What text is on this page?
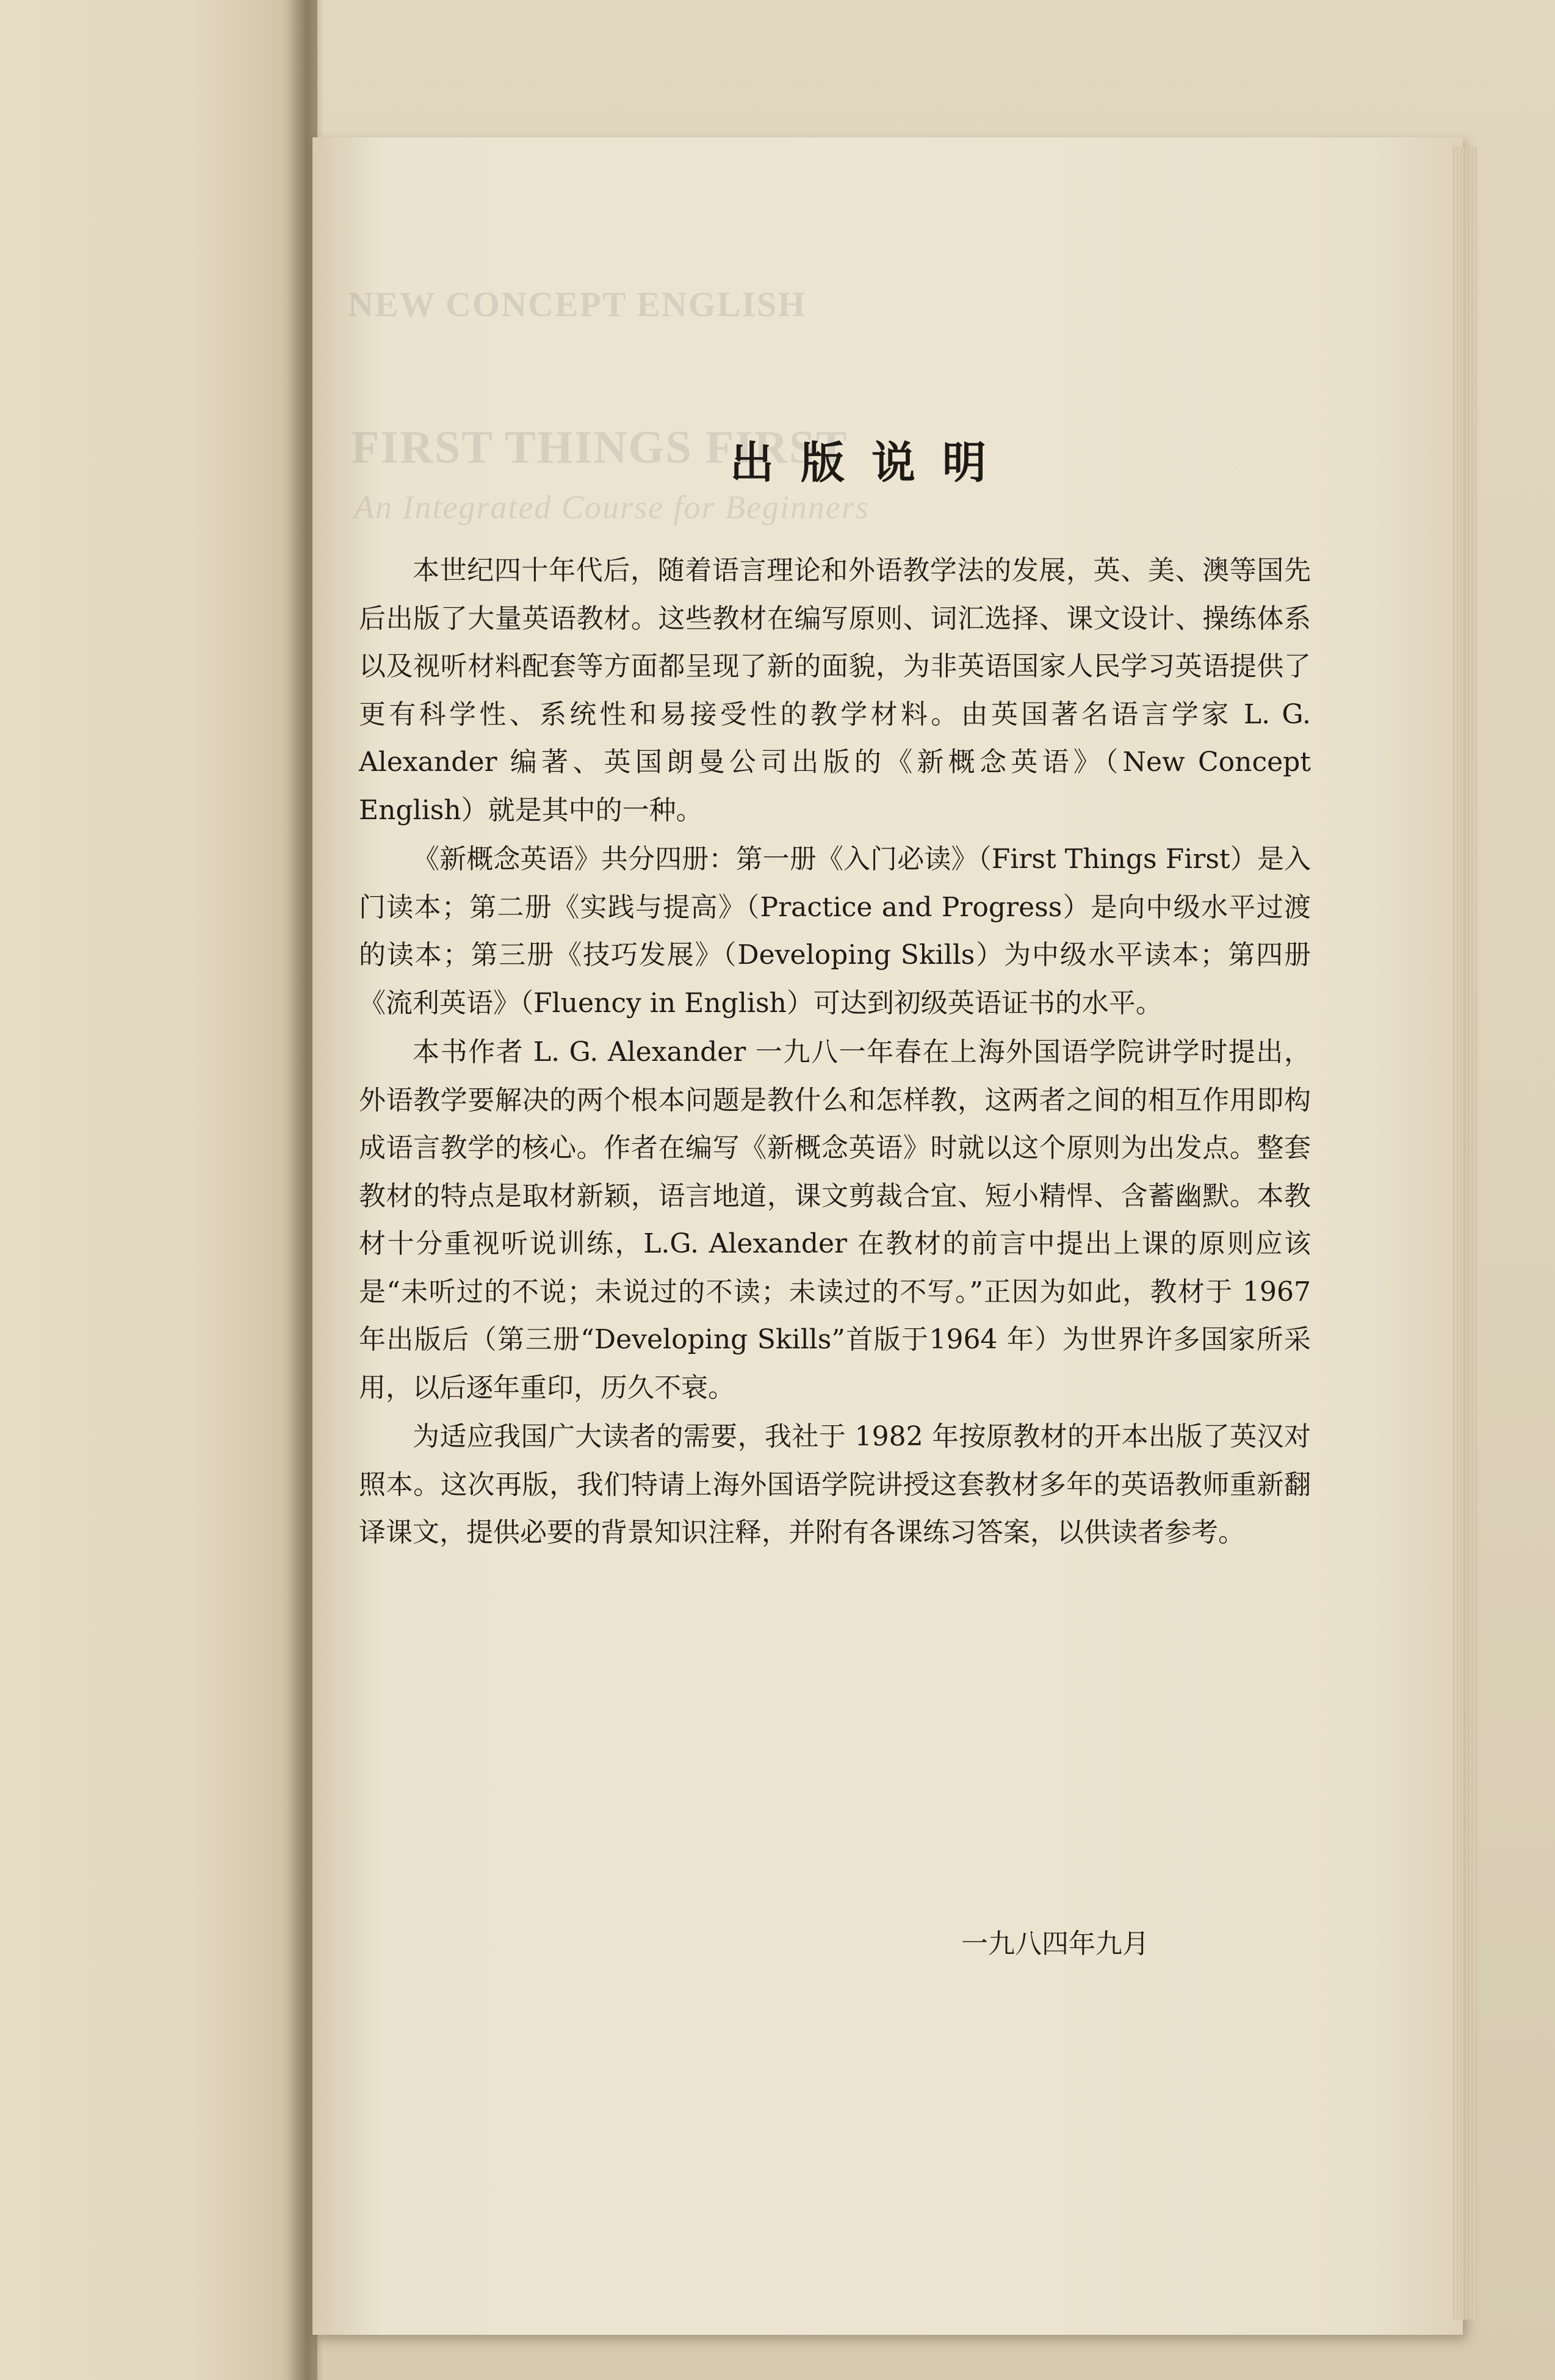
NEW CONCEPT ENGLISH
FIRST THINGS FIRST
An Integrated Course for Beginners
出版说明

本世纪四十年代后，随着语言理论和外语教学法的发展，英、美、澳等国先后出版了大量英语教材。这些教材在编写原则、词汇选择、课文设计、操练体系以及视听材料配套等方面都呈现了新的面貌，为非英语国家人民学习英语提供了更有科学性、系统性和易接受性的教学材料。由英国著名语言学家 L. G. Alexander 编著、英国朗曼公司出版的《新概念英语》（New Concept English）就是其中的一种。

《新概念英语》共分四册：第一册《入门必读》（First Things First）是入门读本；第二册《实践与提高》（Practice and Progress）是向中级水平过渡的读本；第三册《技巧发展》（Developing Skills）为中级水平读本；第四册《流利英语》（Fluency in English）可达到初级英语证书的水平。

本书作者 L. G. Alexander 一九八一年春在上海外国语学院讲学时提出，外语教学要解决的两个根本问题是教什么和怎样教，这两者之间的相互作用即构成语言教学的核心。作者在编写《新概念英语》时就以这个原则为出发点。整套教材的特点是取材新颖，语言地道，课文剪裁合宜、短小精悍、含蓄幽默。本教材十分重视听说训练，L.G. Alexander 在教材的前言中提出上课的原则应该是“未听过的不说；未说过的不读；未读过的不写。”正因为如此，教材于 1967 年出版后（第三册“Developing Skills”首版于1964 年）为世界许多国家所采用，以后逐年重印，历久不衰。

为适应我国广大读者的需要，我社于 1982 年按原教材的开本出版了英汉对照本。这次再版，我们特请上海外国语学院讲授这套教材多年的英语教师重新翻译课文，提供必要的背景知识注释，并附有各课练习答案，以供读者参考。

一九八四年九月
